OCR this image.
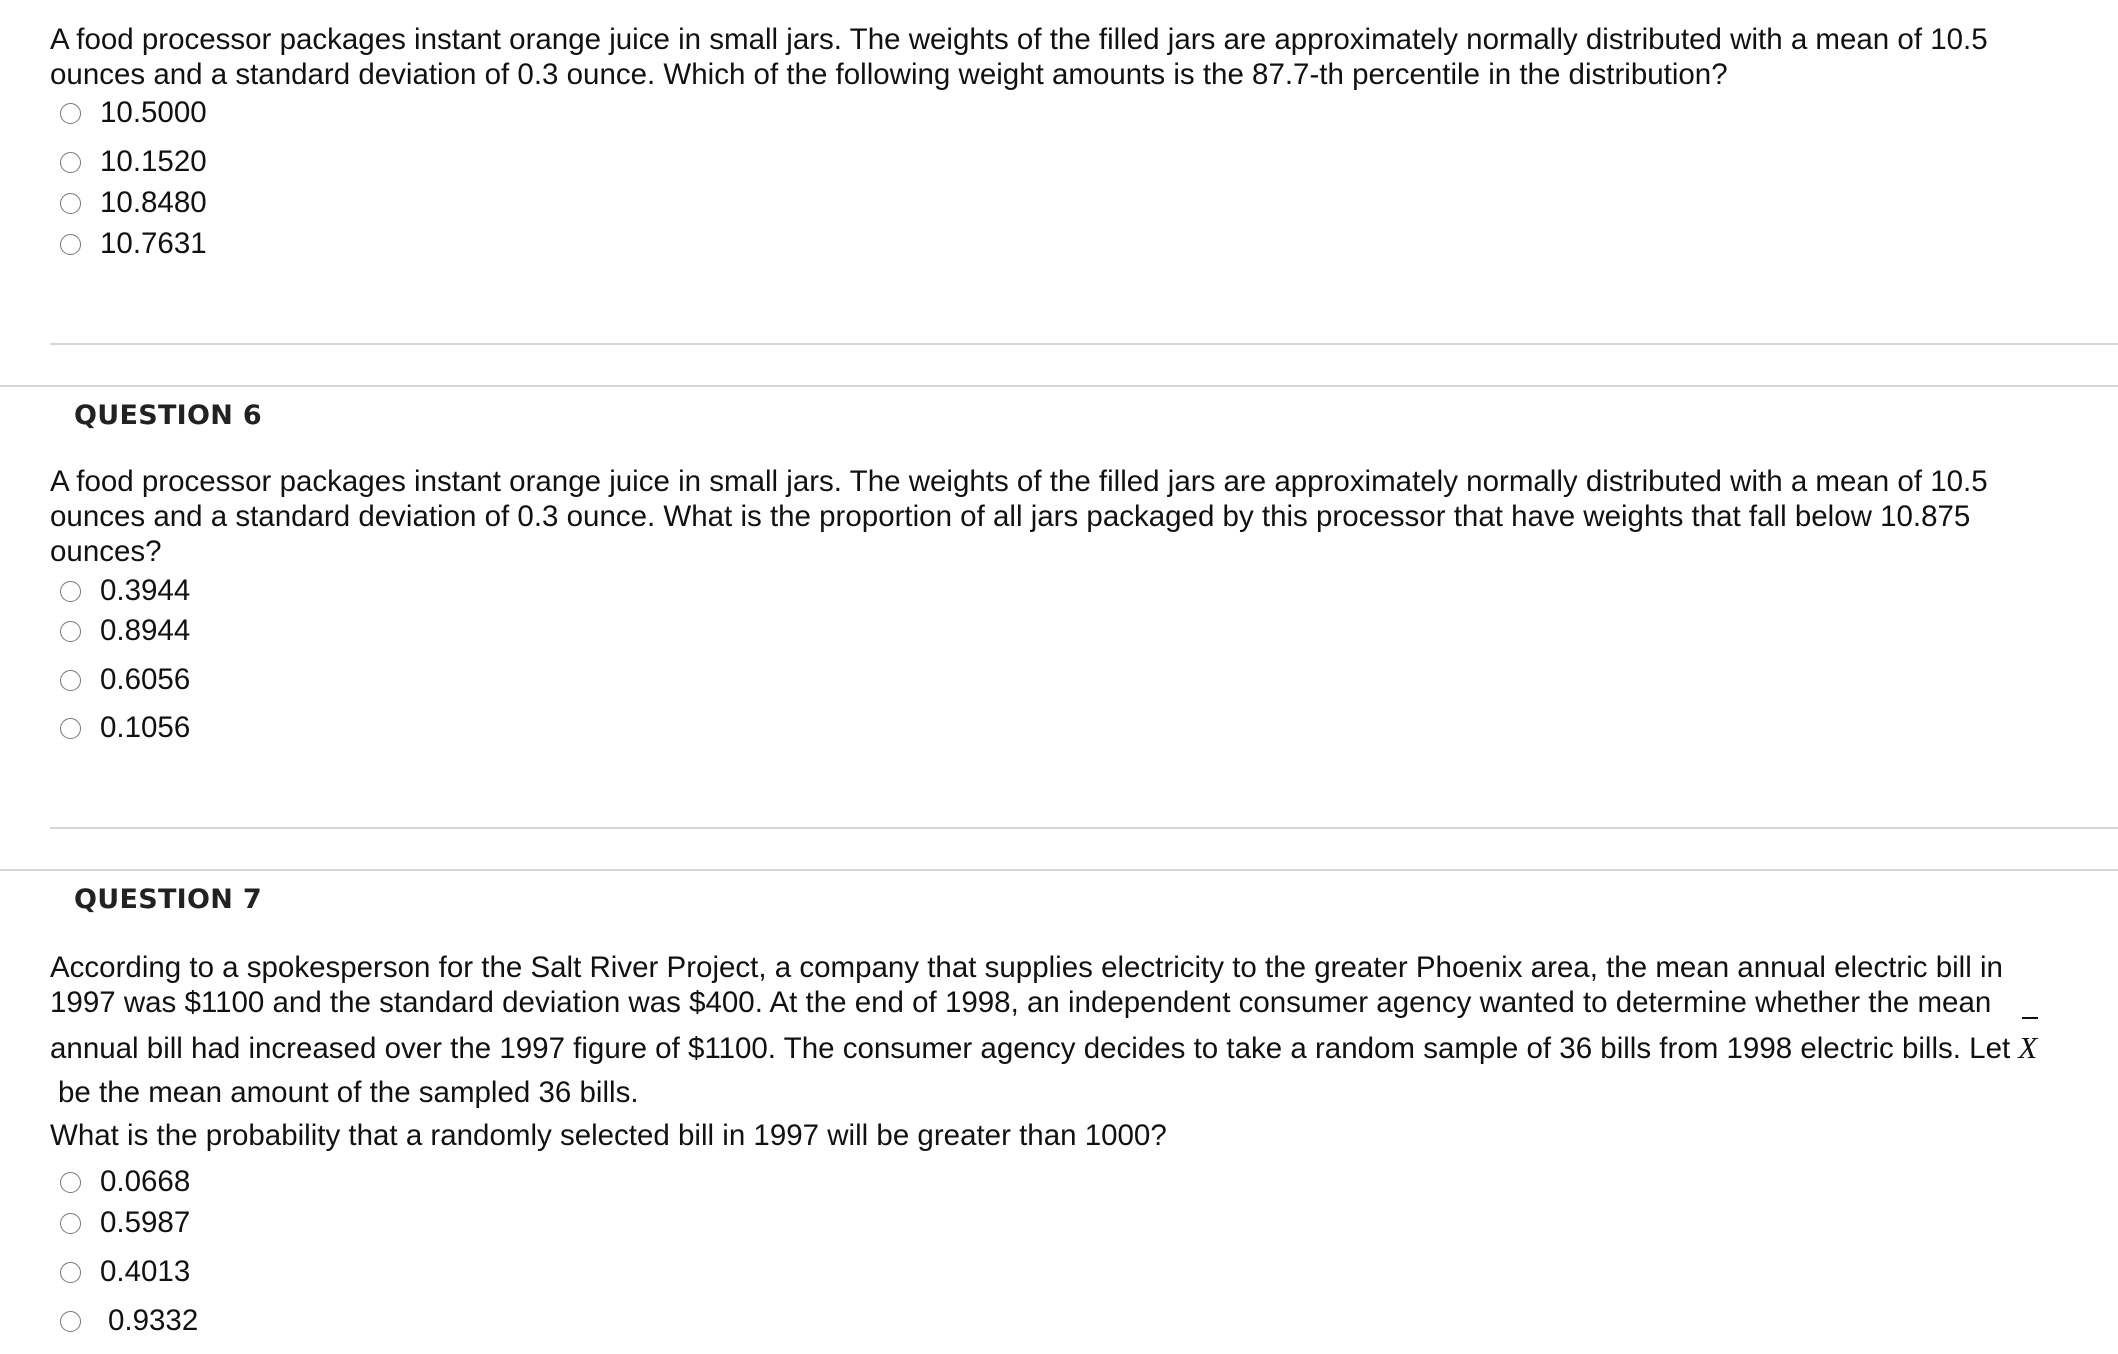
A food processor packages instant orange juice in small jars. The weights of the filled jars are approximately normally distributed with a mean of 10.5 ounces and a standard deviation of 0.3 ounce. Which of the following weight amounts is the 87.7-th percentile in the distribution?

10.5000
10.1520
10.8480
10.7631
QUESTION 6

A food processor packages instant orange juice in small jars. The weights of the filled jars are approximately normally distributed with a mean of 10.5 ounces and a standard deviation of 0.3 ounce. What is the proportion of all jars packaged by this processor that have weights that fall below 10.875 ounces?

0.3944
0.8944
0.6056
0.1056
QUESTION 7
According to a spokesperson for the Salt River Project, a company that supplies electricity to the greater Phoenix area, the mean annual electric bill in
1997 was $1100 and the standard deviation was $400. At the end of 1998, an independent consumer agency wanted to determine whether the mean
annual bill had increased over the 1997 figure of $1100. The consumer agency decides to take a random sample of 36 bills from 1998 electric bills. Let X
be the mean amount of the sampled 36 bills.
What is the probability that a randomly selected bill in 1997 will be greater than 1000?
0.0668
0.5987
0.4013
0.9332
